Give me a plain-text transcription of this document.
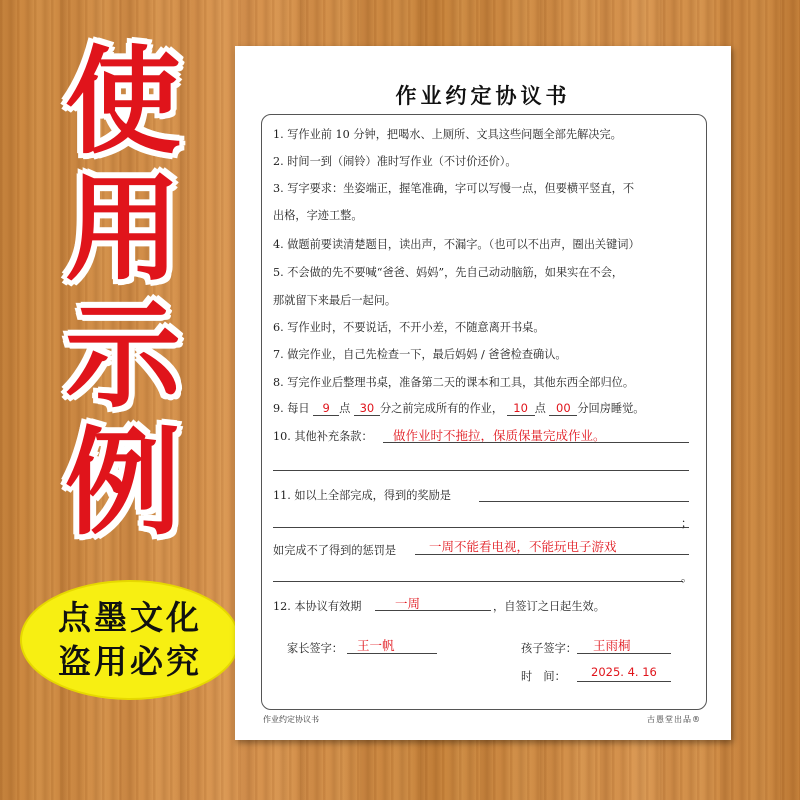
使
用
示
例
点墨文化
盗用必究
作业约定协议书
1. 写作业前 10 分钟，把喝水、上厕所、文具这些问题全部先解决完。
2. 时间一到（闹铃）准时写作业（不讨价还价）。
3. 写字要求：坐姿端正，握笔准确，字可以写慢一点，但要横平竖直，不
出格，字迹工整。
4. 做题前要读清楚题目，读出声，不漏字。（也可以不出声，圈出关键词）
5. 不会做的先不要喊“爸爸、妈妈”，先自己动动脑筋，如果实在不会，
那就留下来最后一起问。
6. 写作业时，不要说话，不开小差，不随意离开书桌。
7. 做完作业，自己先检查一下，最后妈妈 / 爸爸检查确认。
8. 写完作业后整理书桌，准备第二天的课本和工具，其他东西全部归位。
9. 每日 9 点 30 分之前完成所有的作业， 10 点 00 分回房睡觉。
10. 其他补充条款： 做作业时不拖拉，保质保量完成作业。
11. 如以上全部完成，得到的奖励是
；
如完成不了得到的惩罚是	一周不能看电视，不能玩电子游戏
。
12. 本协议有效期	一周	，自签订之日起生效。
家长签字： 王一帆	孩子签字： 王雨桐
时　间： 2025. 4. 16
作业约定协议书	古愚堂出品®
